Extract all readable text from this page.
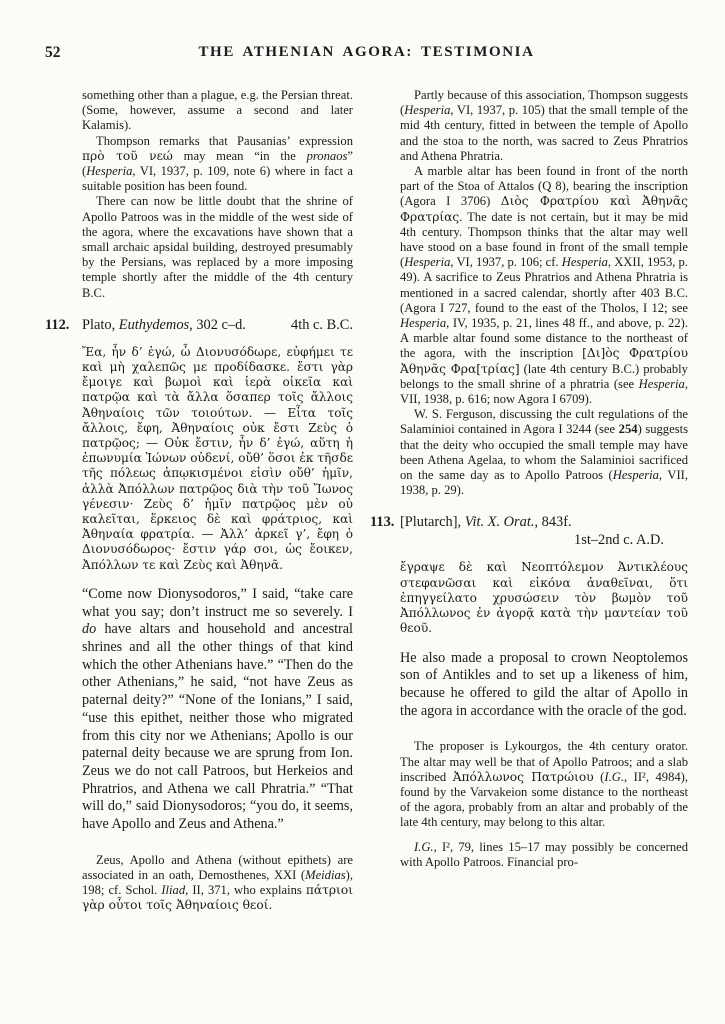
52	THE ATHENIAN AGORA: TESTIMONIA

something other than a plague, e.g. the Persian threat. (Some, however, assume a second and later Kalamis).

Thompson remarks that Pausanias’ expression πρὸ τοῦ νεώ may mean “in the pronaos” (Hesperia, VI, 1937, p. 109, note 6) where in fact a suitable position has been found.

There can now be little doubt that the shrine of Apollo Patroos was in the middle of the west side of the agora, where the excavations have shown that a small archaic apsidal building, destroyed presumably by the Persians, was replaced by a more imposing temple shortly after the middle of the 4th century B.C.

112. Plato, Euthydemos, 302 c–d.	4th c. B.C.

Ἔα, ἦν δ’ ἐγώ, ὦ Διονυσόδωρε, εὐφήμει τε καὶ μὴ χαλεπῶς με προδίδασκε. ἔστι γὰρ ἔμοιγε καὶ βωμοὶ καὶ ἱερὰ οἰκεῖα καὶ πατρῷα καὶ τὰ ἄλλα ὅσαπερ τοῖς ἄλλοις Ἀθηναίοις τῶν τοιούτων. — Εἶτα τοῖς ἄλλοις, ἔφη, Ἀθηναίοις οὐκ ἔστι Ζεὺς ὁ πατρῷος; — Οὐκ ἔστιν, ἦν δ’ ἐγώ, αὕτη ἡ ἐπωνυμία Ἰώνων οὐδενί, οὔθ’ ὅσοι ἐκ τῆσδε τῆς πόλεως ἀπῳκισμένοι εἰσὶν οὔθ’ ἡμῖν, ἀλλὰ Ἀπόλλων πατρῷος διὰ τὴν τοῦ Ἴωνος γένεσιν· Ζεὺς δ’ ἡμῖν πατρῷος μὲν οὐ καλεῖται, ἕρκειος δὲ καὶ φράτριος, καὶ Ἀθηναία φρατρία. — Ἀλλ’ ἀρκεῖ γ’, ἔφη ὁ Διονυσόδωρος· ἔστιν γάρ σοι, ὡς ἔοικεν, Ἀπόλλων τε καὶ Ζεὺς καὶ Ἀθηνᾶ.

“Come now Dionysodoros,” I said, “take care what you say; don’t instruct me so severely. I do have altars and household and ancestral shrines and all the other things of that kind which the other Athenians have.” “Then do the other Athenians,” he said, “not have Zeus as paternal deity?” “None of the Ionians,” I said, “use this epithet, neither those who migrated from this city nor we Athenians; Apollo is our paternal deity because we are sprung from Ion. Zeus we do not call Patroos, but Herkeios and Phratrios, and Athena we call Phratria.” “That will do,” said Dionysodoros; “you do, it seems, have Apollo and Zeus and Athena.”

Zeus, Apollo and Athena (without epithets) are associated in an oath, Demosthenes, XXI (Meidias), 198; cf. Schol. Iliad, II, 371, who explains πάτριοι γὰρ οὗτοι τοῖς Ἀθηναίοις θεοί.

Partly because of this association, Thompson suggests (Hesperia, VI, 1937, p. 105) that the small temple of the mid 4th century, fitted in between the temple of Apollo and the stoa to the north, was sacred to Zeus Phratrios and Athena Phratria.

A marble altar has been found in front of the north part of the Stoa of Attalos (Q 8), bearing the inscription (Agora I 3706) Διὸς Φρατρίου καὶ Ἀθηνᾶς Φρατρίας. The date is not certain, but it may be mid 4th century. Thompson thinks that the altar may well have stood on a base found in front of the small temple (Hesperia, VI, 1937, p. 106; cf. Hesperia, XXII, 1953, p. 49). A sacrifice to Zeus Phratrios and Athena Phratria is mentioned in a sacred calendar, shortly after 403 B.C. (Agora I 727, found to the east of the Tholos, I 12; see Hesperia, IV, 1935, p. 21, lines 48 ff., and above, p. 22). A marble altar found some distance to the northeast of the agora, with the inscription [Δι]ὸς Φρατρίου Ἀθηνᾶς Φρα[τρίας] (late 4th century B.C.) probably belongs to the small shrine of a phratria (see Hesperia, VII, 1938, p. 616; now Agora I 6709).

W. S. Ferguson, discussing the cult regulations of the Salaminioi contained in Agora I 3244 (see 254) suggests that the deity who occupied the small temple may have been Athena Agelaa, to whom the Salaminioi sacrificed on the same day as to Apollo Patroos (Hesperia, VII, 1938, p. 29).

113. [Plutarch], Vit. X. Orat., 843f.
1st–2nd c. A.D.

ἔγραψε δὲ καὶ Νεοπτόλεμον Ἀντικλέους στεφανῶσαι καὶ εἰκόνα ἀναθεῖναι, ὅτι ἐπηγγείλατο χρυσώσειν τὸν βωμὸν τοῦ Ἀπόλλωνος ἐν ἀγορᾷ κατὰ τὴν μαντείαν τοῦ θεοῦ.

He also made a proposal to crown Neoptolemos son of Antikles and to set up a likeness of him, because he offered to gild the altar of Apollo in the agora in accordance with the oracle of the god.

The proposer is Lykourgos, the 4th century orator. The altar may well be that of Apollo Patroos; and a slab inscribed Ἀπόλλωνος Πατρώιου (I.G., II², 4984), found by the Varvakeion some distance to the northeast of the agora, probably from an altar and probably of the late 4th century, may belong to this altar.

I.G., I², 79, lines 15–17 may possibly be concerned with Apollo Patroos. Financial pro-
